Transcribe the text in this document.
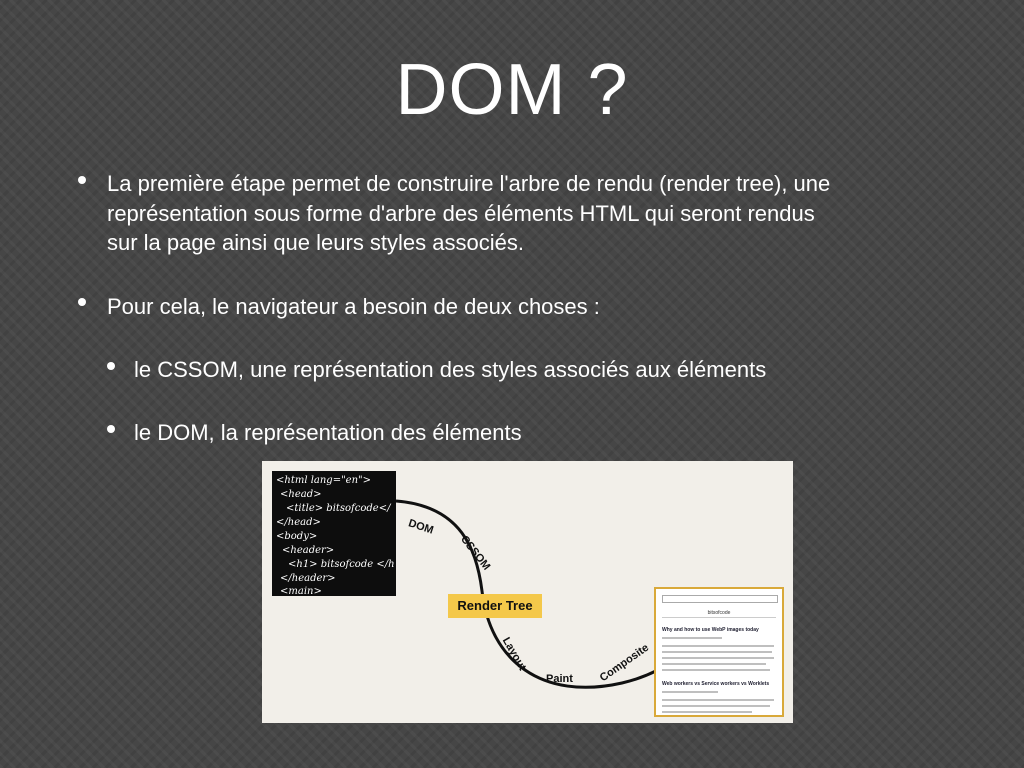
DOM ?
La première étape permet de construire l'arbre de rendu (render tree), une
représentation sous forme d'arbre des éléments HTML qui seront rendus
sur la page ainsi que leurs styles associés.
Pour cela, le navigateur a besoin de deux choses :
le CSSOM, une représentation des styles associés aux éléments
le DOM, la représentation des éléments
<html lang="en">
<head>
<title> bitsofcode</
</head>
<body>
<header>
<h1> bitsofcode </h
</header>
<main>
DOM
CSSOM
Render Tree
Layout
Paint Composite
bitsofcode
Why and how to use WebP images today
Web workers vs Service workers vs Worklets
